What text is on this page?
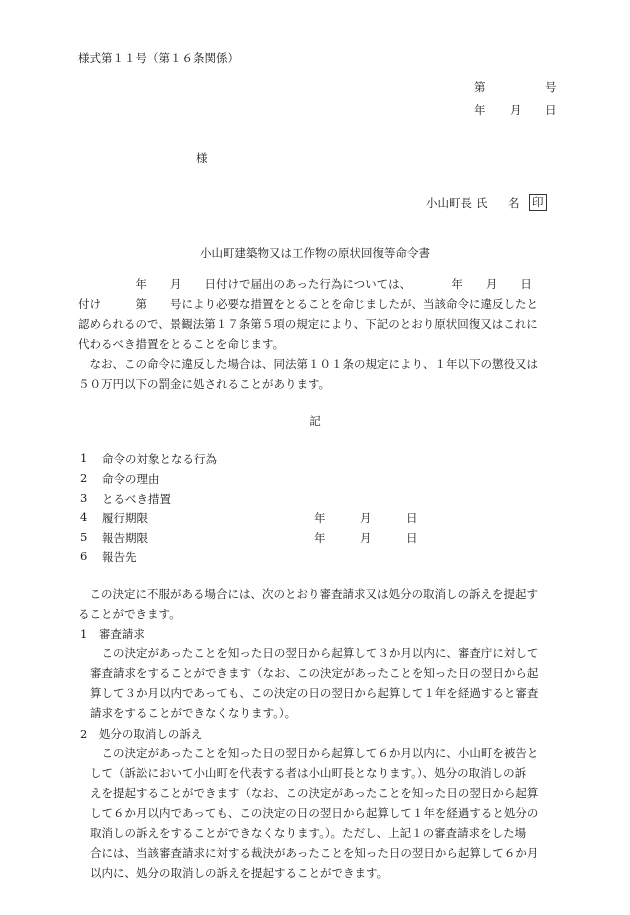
様式第１１号（第１６条関係）
第	号
年 月 日
様
小山町長 氏 名 印
小山町建築物又は工作物の原状回復等命令書
　　　　　年　　月　　日付けで届出のあった行為については、　　　　年　　月　　日
付け　　　第　　号により必要な措置をとることを命じましたが、当該命令に違反したと
認められるので、景観法第１７条第５項の規定により、下記のとおり原状回復又はこれに
代わるべき措置をとることを命じます。
　なお、この命令に違反した場合は、同法第１０１条の規定により、１年以下の懲役又は
５０万円以下の罰金に処されることがあります。
記
1 命令の対象となる行為
2 命令の理由
3 とるべき措置
4 履行期限	年　　　月　　　日
5 報告期限	年　　　月　　　日
6 報告先
　この決定に不服がある場合には、次のとおり審査請求又は処分の取消しの訴えを提起す
ることができます。
1　審査請求
　この決定があったことを知った日の翌日から起算して３か月以内に、審査庁に対して
審査請求をすることができます（なお、この決定があったことを知った日の翌日から起
算して３か月以内であっても、この決定の日の翌日から起算して１年を経過すると審査
請求をすることができなくなります。）。
2　処分の取消しの訴え
　この決定があったことを知った日の翌日から起算して６か月以内に、小山町を被告と
して（訴訟において小山町を代表する者は小山町長となります。）、処分の取消しの訴
えを提起することができます（なお、この決定があったことを知った日の翌日から起算
して６か月以内であっても、この決定の日の翌日から起算して１年を経過すると処分の
取消しの訴えをすることができなくなります。）。ただし、上記１の審査請求をした場
合には、当該審査請求に対する裁決があったことを知った日の翌日から起算して６か月
以内に、処分の取消しの訴えを提起することができます。
